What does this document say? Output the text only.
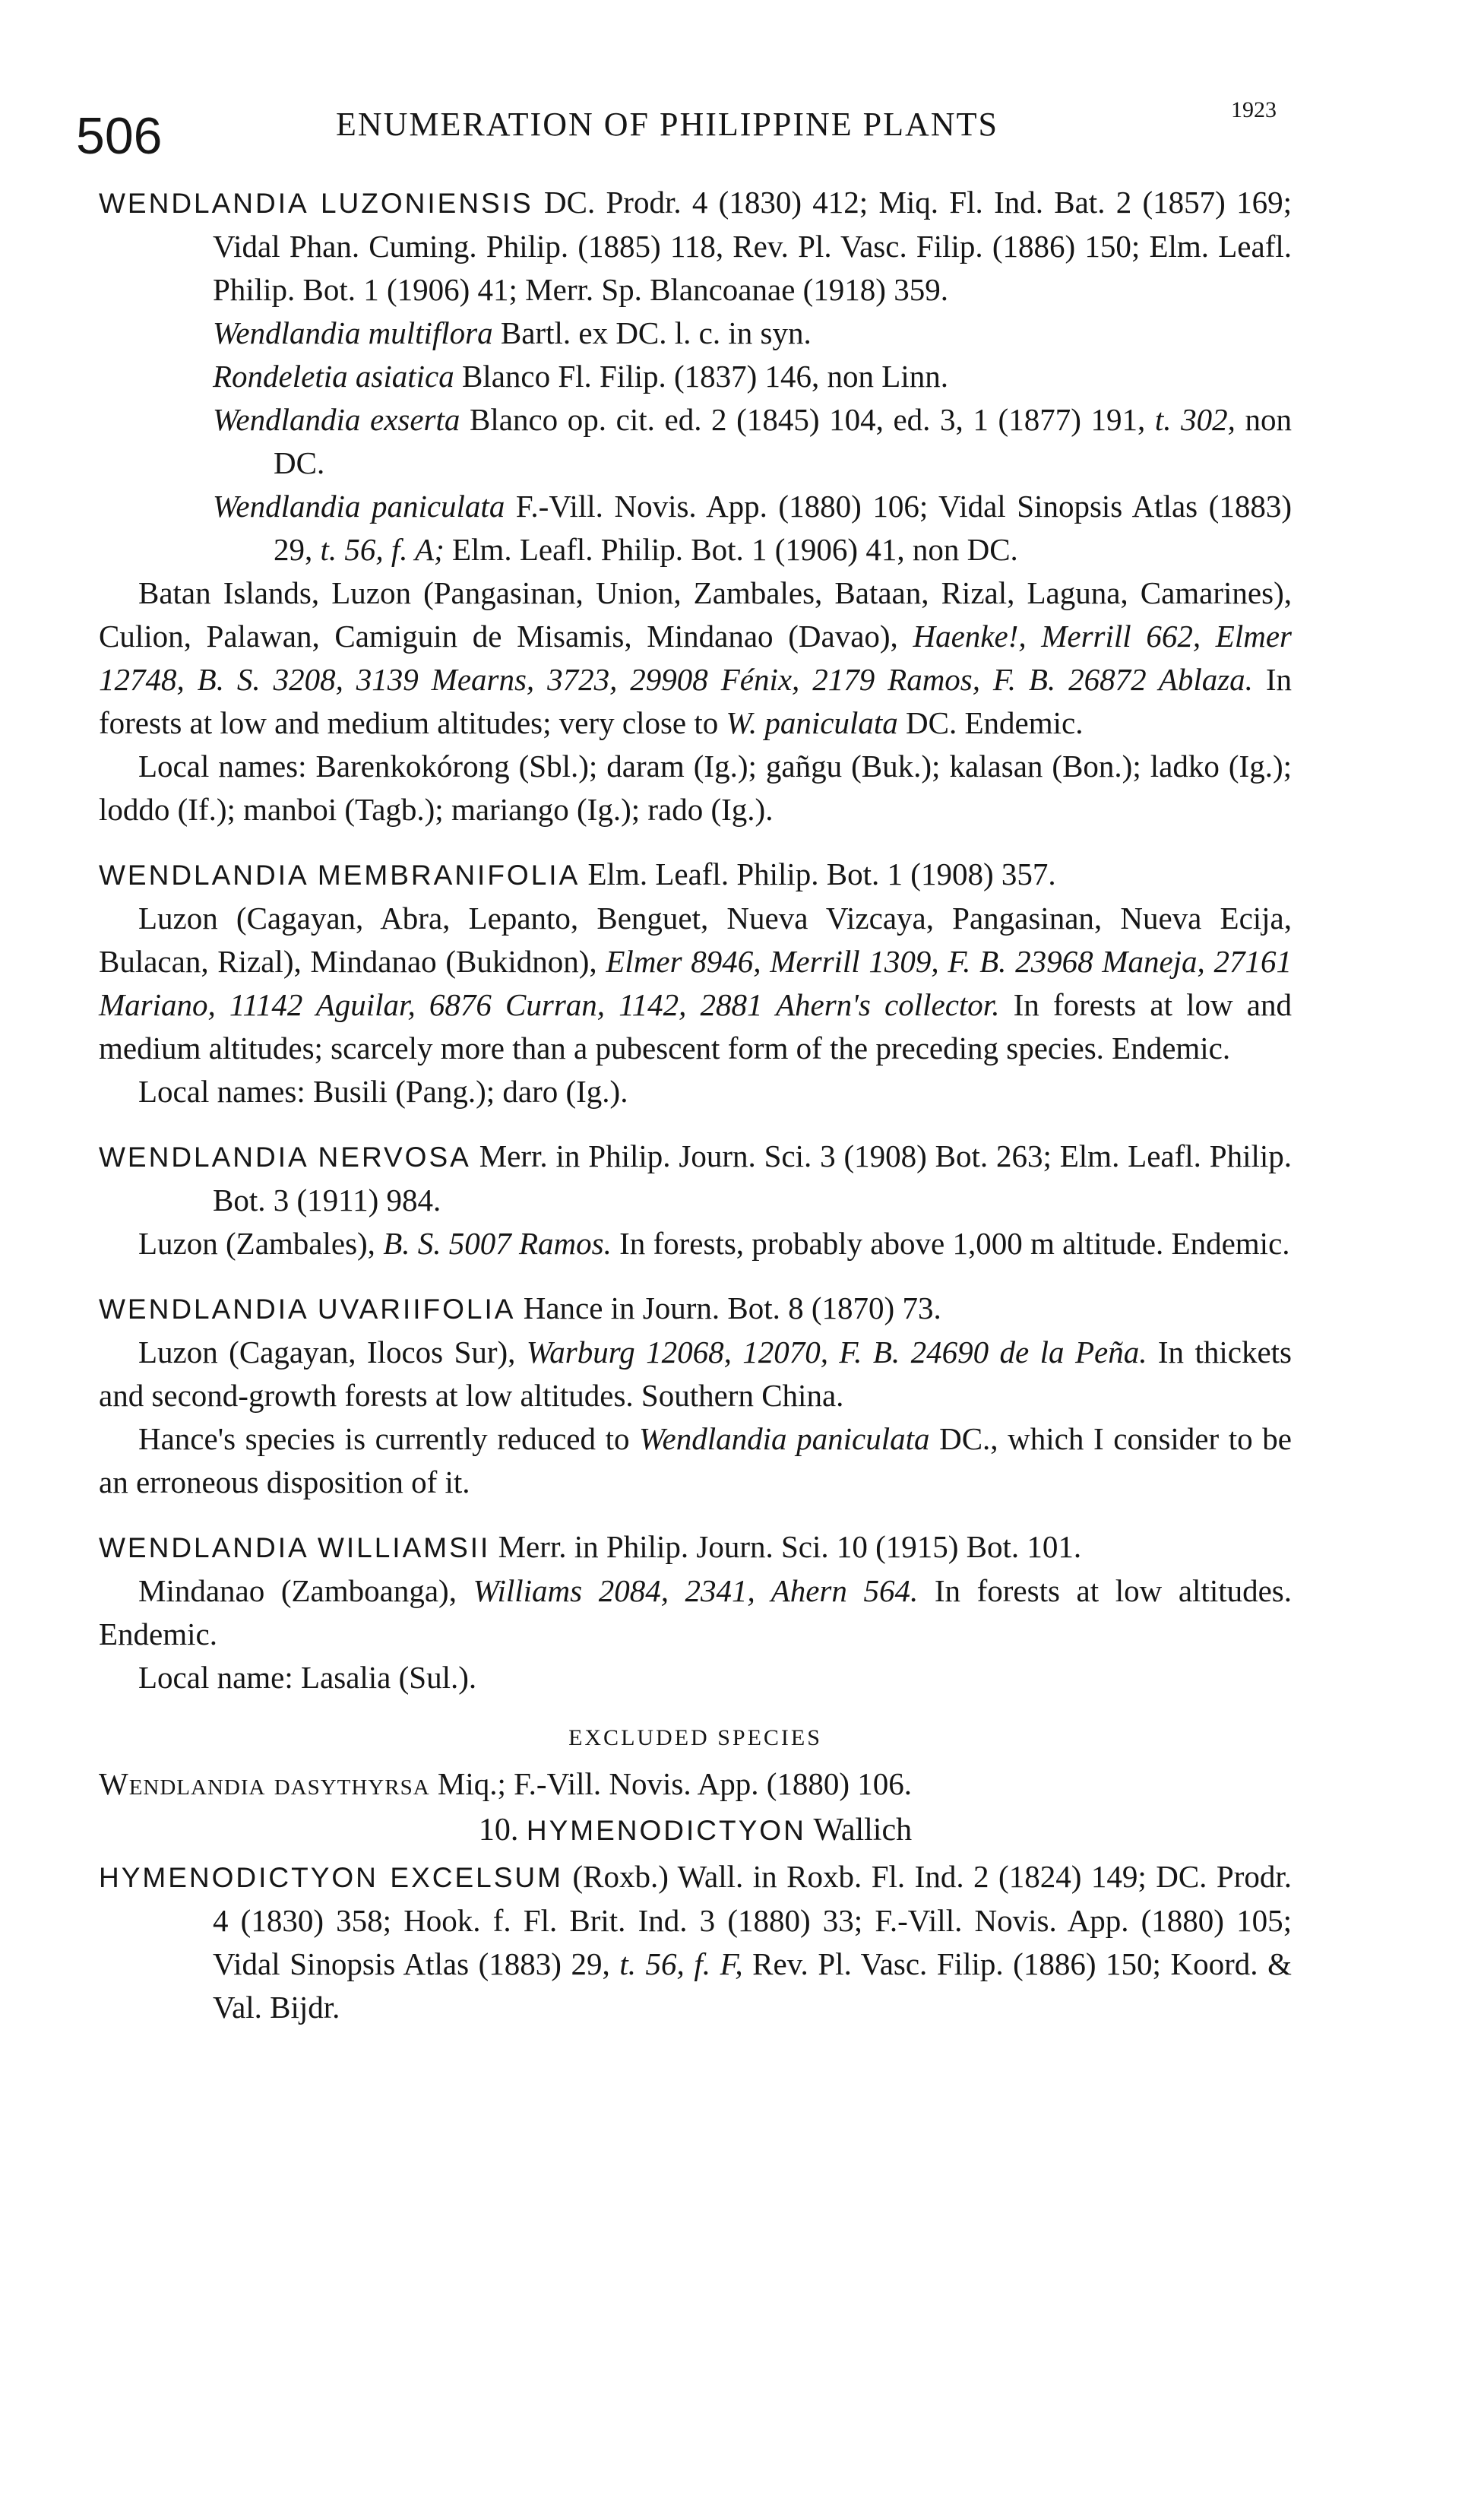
506	ENUMERATION OF PHILIPPINE PLANTS	1923

WENDLANDIA LUZONIENSIS DC. Prodr. 4 (1830) 412; Miq. Fl. Ind. Bat. 2 (1857) 169; Vidal Phan. Cuming. Philip. (1885) 118, Rev. Pl. Vasc. Filip. (1886) 150; Elm. Leafl. Philip. Bot. 1 (1906) 41; Merr. Sp. Blancoanae (1918) 359.

Wendlandia multiflora Bartl. ex DC. l. c. in syn.

Rondeletia asiatica Blanco Fl. Filip. (1837) 146, non Linn.

Wendlandia exserta Blanco op. cit. ed. 2 (1845) 104, ed. 3, 1 (1877) 191, t. 302, non DC.

Wendlandia paniculata F.-Vill. Novis. App. (1880) 106; Vidal Sinopsis Atlas (1883) 29, t. 56, f. A; Elm. Leafl. Philip. Bot. 1 (1906) 41, non DC.

Batan Islands, Luzon (Pangasinan, Union, Zambales, Bataan, Rizal, Laguna, Camarines), Culion, Palawan, Camiguin de Misamis, Mindanao (Davao), Haenke!, Merrill 662, Elmer 12748, B. S. 3208, 3139 Mearns, 3723, 29908 Fénix, 2179 Ramos, F. B. 26872 Ablaza. In forests at low and medium altitudes; very close to W. paniculata DC. Endemic.

Local names: Barenkokórong (Sbl.); daram (Ig.); gañgu (Buk.); kalasan (Bon.); ladko (Ig.); loddo (If.); manboi (Tagb.); mariango (Ig.); rado (Ig.).

WENDLANDIA MEMBRANIFOLIA Elm. Leafl. Philip. Bot. 1 (1908) 357.

Luzon (Cagayan, Abra, Lepanto, Benguet, Nueva Vizcaya, Pangasinan, Nueva Ecija, Bulacan, Rizal), Mindanao (Bukidnon), Elmer 8946, Merrill 1309, F. B. 23968 Maneja, 27161 Mariano, 11142 Aguilar, 6876 Curran, 1142, 2881 Ahern's collector. In forests at low and medium altitudes; scarcely more than a pubescent form of the preceding species. Endemic.

Local names: Busili (Pang.); daro (Ig.).

WENDLANDIA NERVOSA Merr. in Philip. Journ. Sci. 3 (1908) Bot. 263; Elm. Leafl. Philip. Bot. 3 (1911) 984.

Luzon (Zambales), B. S. 5007 Ramos. In forests, probably above 1,000 m altitude. Endemic.

WENDLANDIA UVARIIFOLIA Hance in Journ. Bot. 8 (1870) 73.

Luzon (Cagayan, Ilocos Sur), Warburg 12068, 12070, F. B. 24690 de la Peña. In thickets and second-growth forests at low altitudes. Southern China.

Hance's species is currently reduced to Wendlandia paniculata DC., which I consider to be an erroneous disposition of it.

WENDLANDIA WILLIAMSII Merr. in Philip. Journ. Sci. 10 (1915) Bot. 101.

Mindanao (Zamboanga), Williams 2084, 2341, Ahern 564. In forests at low altitudes. Endemic.

Local name: Lasalia (Sul.).

EXCLUDED SPECIES

Wendlandia dasythyrsa Miq.; F.-Vill. Novis. App. (1880) 106.

10. HYMENODICTYON Wallich

HYMENODICTYON EXCELSUM (Roxb.) Wall. in Roxb. Fl. Ind. 2 (1824) 149; DC. Prodr. 4 (1830) 358; Hook. f. Fl. Brit. Ind. 3 (1880) 33; F.-Vill. Novis. App. (1880) 105; Vidal Sinopsis Atlas (1883) 29, t. 56, f. F, Rev. Pl. Vasc. Filip. (1886) 150; Koord. & Val. Bijdr.
